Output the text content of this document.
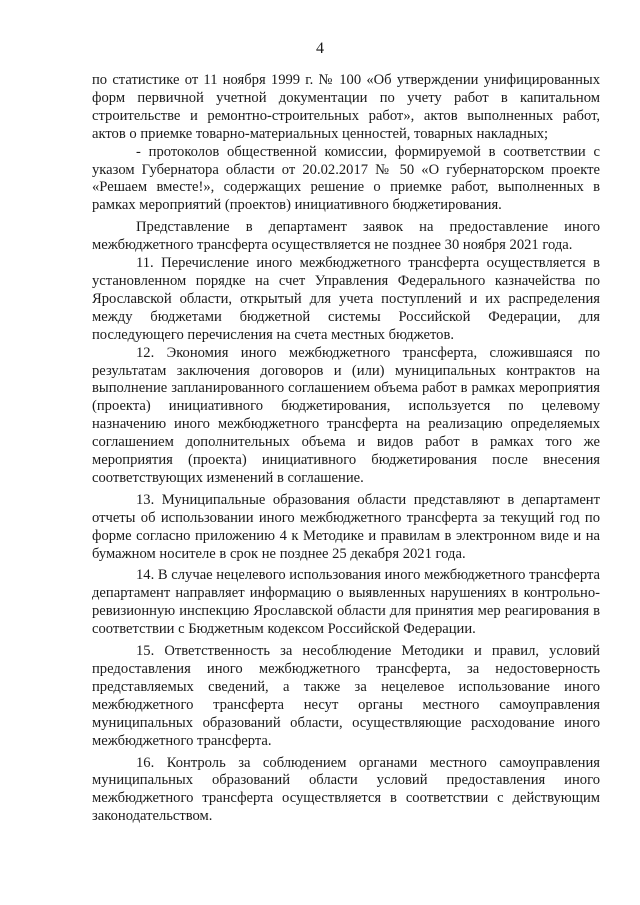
4

по статистике от 11 ноября 1999 г. № 100 «Об утверждении унифицированных форм первичной учетной документации по учету работ в капитальном строительстве и ремонтно-строительных работ», актов выполненных работ, актов о приемке товарно-материальных ценностей, товарных накладных;

- протоколов общественной комиссии, формируемой в соответствии с указом Губернатора области от 20.02.2017 № 50 «О губернаторском проекте «Решаем вместе!», содержащих решение о приемке работ, выполненных в рамках мероприятий (проектов) инициативного бюджетирования.

Представление в департамент заявок на предоставление иного межбюджетного трансферта осуществляется не позднее 30 ноября 2021 года.

11. Перечисление иного межбюджетного трансферта осуществляется в установленном порядке на счет Управления Федерального казначейства по Ярославской области, открытый для учета поступлений и их распределения между бюджетами бюджетной системы Российской Федерации, для последующего перечисления на счета местных бюджетов.

12. Экономия иного межбюджетного трансферта, сложившаяся по результатам заключения договоров и (или) муниципальных контрактов на выполнение запланированного соглашением объема работ в рамках мероприятия (проекта) инициативного бюджетирования, используется по целевому назначению иного межбюджетного трансферта на реализацию определяемых соглашением дополнительных объема и видов работ в рамках того же мероприятия (проекта) инициативного бюджетирования после внесения соответствующих изменений в соглашение.

13. Муниципальные образования области представляют в департамент отчеты об использовании иного межбюджетного трансферта за текущий год по форме согласно приложению 4 к Методике и правилам в электронном виде и на бумажном носителе в срок не позднее 25 декабря 2021 года.

14. В случае нецелевого использования иного межбюджетного трансферта департамент направляет информацию о выявленных нарушениях в контрольно-ревизионную инспекцию Ярославской области для принятия мер реагирования в соответствии с Бюджетным кодексом Российской Федерации.

15. Ответственность за несоблюдение Методики и правил, условий предоставления иного межбюджетного трансферта, за недостоверность представляемых сведений, а также за нецелевое использование иного межбюджетного трансферта несут органы местного самоуправления муниципальных образований области, осуществляющие расходование иного межбюджетного трансферта.

16. Контроль за соблюдением органами местного самоуправления муниципальных образований области условий предоставления иного межбюджетного трансферта осуществляется в соответствии с действующим законодательством.
